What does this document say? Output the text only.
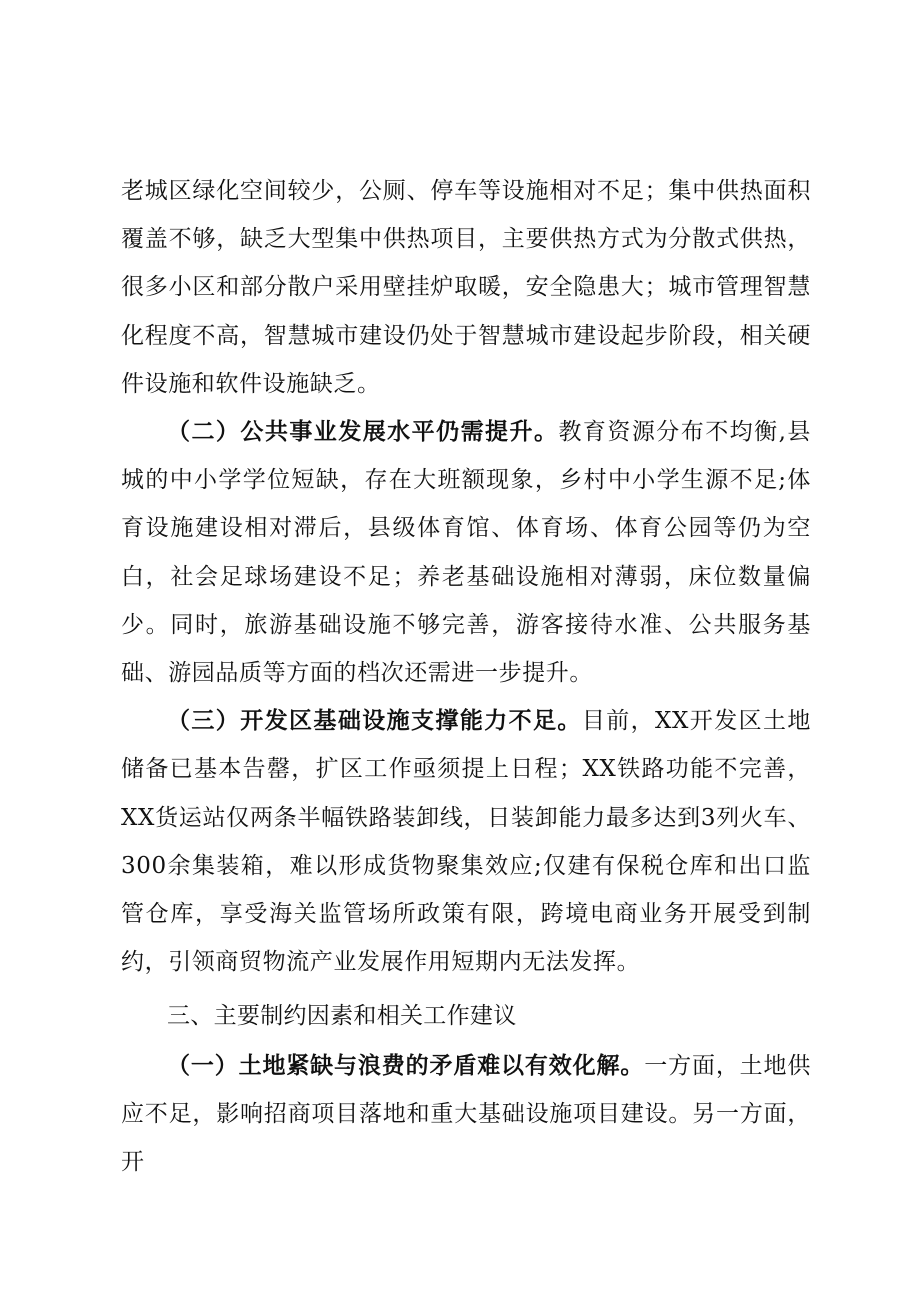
老城区绿化空间较少，公厕、停车等设施相对不足；集中供热面积覆盖不够，缺乏大型集中供热项目，主要供热方式为分散式供热，很多小区和部分散户采用壁挂炉取暖，安全隐患大；城市管理智慧化程度不高，智慧城市建设仍处于智慧城市建设起步阶段，相关硬件设施和软件设施缺乏。

（二）公共事业发展水平仍需提升。教育资源分布不均衡,县城的中小学学位短缺，存在大班额现象，乡村中小学生源不足;体育设施建设相对滞后，县级体育馆、体育场、体育公园等仍为空白，社会足球场建设不足；养老基础设施相对薄弱，床位数量偏少。同时，旅游基础设施不够完善，游客接待水准、公共服务基础、游园品质等方面的档次还需进一步提升。

（三）开发区基础设施支撑能力不足。目前，XX开发区土地储备已基本告罄，扩区工作亟须提上日程；XX铁路功能不完善，XX货运站仅两条半幅铁路装卸线，日装卸能力最多达到3列火车、300余集装箱，难以形成货物聚集效应;仅建有保税仓库和出口监管仓库，享受海关监管场所政策有限，跨境电商业务开展受到制约，引领商贸物流产业发展作用短期内无法发挥。

三、主要制约因素和相关工作建议

（一）土地紧缺与浪费的矛盾难以有效化解。一方面，土地供应不足，影响招商项目落地和重大基础设施项目建设。另一方面，开
